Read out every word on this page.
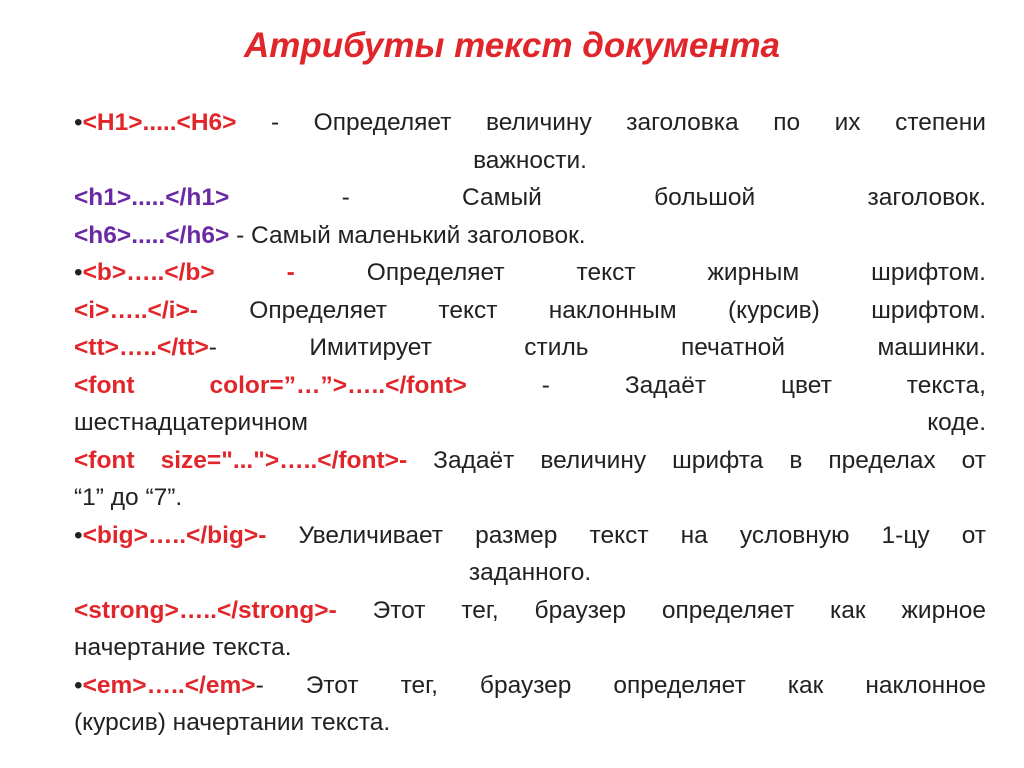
Атрибуты текст документа
•<H1>.....<H6> - Определяет величину заголовка по их степени
важности.
<h1>.....</h1> - Самый большой заголовок.
<h6>.....</h6> - Самый маленький заголовок.
•<b>…..</b> - Определяет текст жирным шрифтом.
<i>…..</i>- Определяет текст наклонным (курсив) шрифтом.
<tt>…..</tt>- Имитирует стиль печатной машинки.
<font color=”…”>…..</font> - Задаёт цвет текста,
шестнадцатеричном	коде.
<font size="...">…..</font>- Задаёт величину шрифта в пределах от
“1” до “7”.
•<big>…..</big>- Увеличивает размер текст на условную 1-цу от
заданного.
<strong>…..</strong>- Этот тег, браузер определяет как жирное
начертание текста.
•<em>…..</em>- Этот тег, браузер определяет как наклонное
(курсив) начертании текста.
